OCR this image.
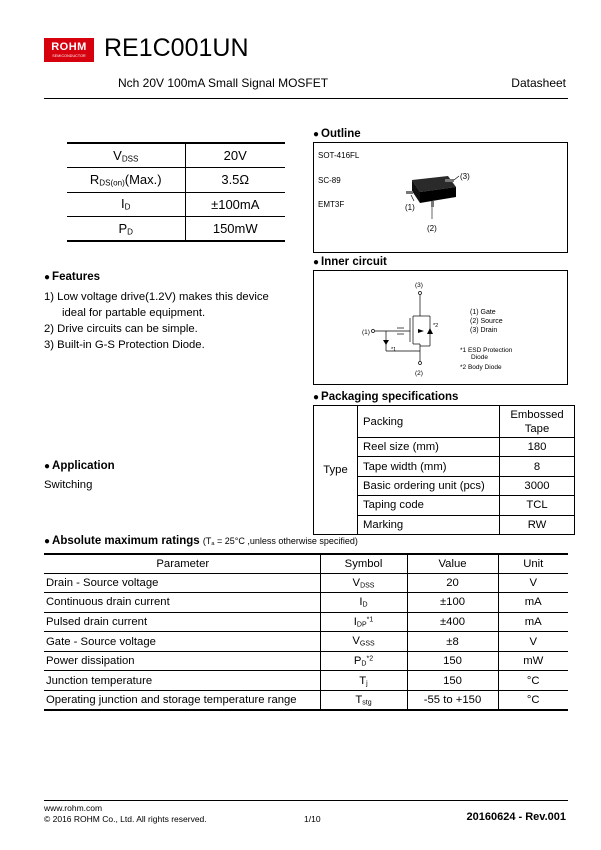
ROHM
SEMICONDUCTOR RE1C001UN
Nch 20V 100mA Small Signal MOSFET	Datasheet
$V_{DSS}$	20V
$R_{DS(on)}(Max.)$	3.5Ω
$I_D$	±100mA
$P_D$	150mW
● Outline
SOT-416FL
SC-89
EMT3F
(3)
(1)
(2)
● Inner circuit
(3)
(1)
(2)
*2
*1
(1) Gate
(2) Source
(3) Drain
*1 ESD Protection
Diode
*2 Body Diode
● Features
1) Low voltage drive(1.2V) makes this device
ideal for partable equipment.
2) Drive circuits can be simple.
3) Built-in G-S Protection Diode.
● Application
Switching
● Packaging specifications
Type	Packing	Embossed
Tape

	Reel size (mm)	180
	Tape width (mm)	8
	Basic ordering unit (pcs)	3000
	Taping code	TCL
	Marking	RW
● Absolute maximum ratings ($T_a = 25^\circ C$ ,unless otherwise specified)
Parameter	Symbol	Value	Unit
Drain - Source voltage	$V_{DSS}$	20	V
Continuous drain current	$I_D$	±100	mA
Pulsed drain current	$I_{DP}^{*1}$	±400	mA
Gate - Source voltage	$V_{GSS}$	±8	V
Power dissipation	$P_D^{*2}$	150	mW
Junction temperature	$T_j$	150	°C
Operating junction and storage temperature range	$T_{stg}$	-55 to +150	°C
www.rohm.com
© 2016 ROHM Co., Ltd. All rights reserved.	1/10	20160624 - Rev.001
